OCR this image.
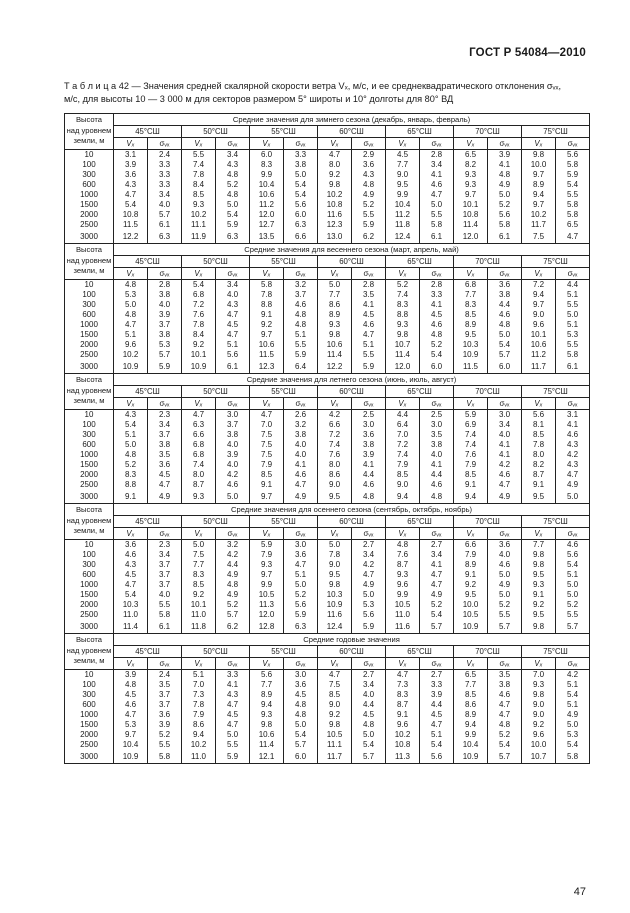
ГОСТ Р 54084—2010
Т а б л и ц а 42 — Значения средней скалярной скорости ветра Vₓ, м/с, и ее среднеквадратического отклонения σᵥₓ,
м/с, для высоты 10 — 3 000 м для секторов размером 5° широты и 10° долготы для 80° ВД
Высота
над уровнем
земли, м	Средние значения для зимнего сезона (декабрь, январь, февраль)													
	45°СШ		50°СШ		55°СШ		60°СШ		65°СШ		70°СШ		75°СШ	
	Vₓ	σᵥₓ	Vₓ	σᵥₓ	Vₓ	σᵥₓ	Vₓ	σᵥₓ	Vₓ	σᵥₓ	Vₓ	σᵥₓ	Vₓ	σᵥₓ
10	3.1	2.4	5.5	3.4	6.0	3.3	4.7	2.9	4.5	2.8	6.5	3.9	9.8	5.6
100	3.9	3.3	7.4	4.3	8.3	3.8	8.0	3.6	7.7	3.4	8.2	4.1	10.0	5.8
300	3.6	3.3	7.8	4.8	9.9	5.0	9.2	4.3	9.0	4.1	9.3	4.8	9.7	5.9
600	4.3	3.3	8.4	5.2	10.4	5.4	9.8	4.8	9.5	4.6	9.3	4.9	8.9	5.4
1000	4.7	3.4	8.5	4.8	10.6	5.4	10.2	4.9	9.9	4.7	9.7	5.0	9.4	5.5
1500	5.4	4.0	9.3	5.0	11.2	5.6	10.8	5.2	10.4	5.0	10.1	5.2	9.7	5.8
2000	10.8	5.7	10.2	5.4	12.0	6.0	11.6	5.5	11.2	5.5	10.8	5.6	10.2	5.8
2500	11.5	6.1	11.1	5.9	12.7	6.3	12.3	5.9	11.8	5.8	11.4	5.8	11.7	6.5
3000	12.2	6.3	11.9	6.3	13.5	6.6	13.0	6.2	12.4	6.1	12.0	6.1	7.5	4.7

Высота
над уровнем
земли, м	Средние значения для весеннего сезона (март, апрель, май)													
	45°СШ		50°СШ		55°СШ		60°СШ		65°СШ		70°СШ		75°СШ	
	Vₓ	σᵥₓ	Vₓ	σᵥₓ	Vₓ	σᵥₓ	Vₓ	σᵥₓ	Vₓ	σᵥₓ	Vₓ	σᵥₓ	Vₓ	σᵥₓ
10	4.8	2.8	5.4	3.4	5.8	3.2	5.0	2.8	5.2	2.8	6.8	3.6	7.2	4.4
100	5.3	3.8	6.8	4.0	7.8	3.7	7.7	3.5	7.4	3.3	7.7	3.8	9.4	5.1
300	5.0	4.0	7.2	4.3	8.8	4.6	8.6	4.1	8.3	4.1	8.3	4.4	9.7	5.5
600	4.8	3.9	7.6	4.7	9.1	4.8	8.9	4.5	8.8	4.5	8.5	4.6	9.0	5.0
1000	4.7	3.7	7.8	4.5	9.2	4.8	9.3	4.6	9.3	4.6	8.9	4.8	9.6	5.1
1500	5.1	3.8	8.4	4.7	9.7	5.1	9.8	4.7	9.8	4.8	9.5	5.0	10.1	5.3
2000	9.6	5.3	9.2	5.1	10.6	5.5	10.6	5.1	10.7	5.2	10.3	5.4	10.6	5.5
2500	10.2	5.7	10.1	5.6	11.5	5.9	11.4	5.5	11.4	5.4	10.9	5.7	11.2	5.8
3000	10.9	5.9	10.9	6.1	12.3	6.4	12.2	5.9	12.0	6.0	11.5	6.0	11.7	6.1

Высота
над уровнем
земли, м	Средние значения для летнего сезона (июнь, июль, август)													
	45°СШ		50°СШ		55°СШ		60°СШ		65°СШ		70°СШ		75°СШ	
	Vₓ	σᵥₓ	Vₓ	σᵥₓ	Vₓ	σᵥₓ	Vₓ	σᵥₓ	Vₓ	σᵥₓ	Vₓ	σᵥₓ	Vₓ	σᵥₓ
10	4.3	2.3	4.7	3.0	4.7	2.6	4.2	2.5	4.4	2.5	5.9	3.0	5.6	3.1
100	5.4	3.4	6.3	3.7	7.0	3.2	6.6	3.0	6.4	3.0	6.9	3.4	8.1	4.1
300	5.1	3.7	6.6	3.8	7.5	3.8	7.2	3.6	7.0	3.5	7.4	4.0	8.5	4.6
600	5.0	3.8	6.8	4.0	7.5	4.0	7.4	3.8	7.2	3.8	7.4	4.1	7.8	4.3
1000	4.8	3.5	6.8	3.9	7.5	4.0	7.6	3.9	7.4	4.0	7.6	4.1	8.0	4.2
1500	5.2	3.6	7.4	4.0	7.9	4.1	8.0	4.1	7.9	4.1	7.9	4.2	8.2	4.3
2000	8.3	4.5	8.0	4.2	8.5	4.6	8.6	4.4	8.5	4.4	8.5	4.6	8.7	4.7
2500	8.8	4.7	8.7	4.6	9.1	4.7	9.0	4.6	9.0	4.6	9.1	4.7	9.1	4.9
3000	9.1	4.9	9.3	5.0	9.7	4.9	9.5	4.8	9.4	4.8	9.4	4.9	9.5	5.0

Высота
над уровнем
земли, м	Средние значения для осеннего сезона (сентябрь, октябрь, ноябрь)													
	45°СШ		50°СШ		55°СШ		60°СШ		65°СШ		70°СШ		75°СШ	
	Vₓ	σᵥₓ	Vₓ	σᵥₓ	Vₓ	σᵥₓ	Vₓ	σᵥₓ	Vₓ	σᵥₓ	Vₓ	σᵥₓ	Vₓ	σᵥₓ
10	3.6	2.3	5.0	3.2	5.9	3.0	5.0	2.7	4.8	2.7	6.6	3.6	7.7	4.6
100	4.6	3.4	7.5	4.2	7.9	3.6	7.8	3.4	7.6	3.4	7.9	4.0	9.8	5.6
300	4.3	3.7	7.7	4.4	9.3	4.7	9.0	4.2	8.7	4.1	8.9	4.6	9.8	5.4
600	4.5	3.7	8.3	4.9	9.7	5.1	9.5	4.7	9.3	4.7	9.1	5.0	9.5	5.1
1000	4.7	3.7	8.5	4.8	9.9	5.0	9.8	4.9	9.6	4.7	9.2	4.9	9.3	5.0
1500	5.4	4.0	9.2	4.9	10.5	5.2	10.3	5.0	9.9	4.9	9.5	5.0	9.1	5.0
2000	10.3	5.5	10.1	5.2	11.3	5.6	10.9	5.3	10.5	5.2	10.0	5.2	9.2	5.2
2500	11.0	5.8	11.0	5.7	12.0	5.9	11.6	5.6	11.0	5.4	10.5	5.5	9.5	5.5
3000	11.4	6.1	11.8	6.2	12.8	6.3	12.4	5.9	11.6	5.7	10.9	5.7	9.8	5.7

Высота
над уровнем
земли, м	Средние годовые значения													
	45°СШ		50°СШ		55°СШ		60°СШ		65°СШ		70°СШ		75°СШ	
	Vₓ	σᵥₓ	Vₓ	σᵥₓ	Vₓ	σᵥₓ	Vₓ	σᵥₓ	Vₓ	σᵥₓ	Vₓ	σᵥₓ	Vₓ	σᵥₓ
10	3.9	2.4	5.1	3.3	5.6	3.0	4.7	2.7	4.7	2.7	6.5	3.5	7.0	4.2
100	4.8	3.5	7.0	4.1	7.7	3.6	7.5	3.4	7.3	3.3	7.7	3.8	9.3	5.1
300	4.5	3.7	7.3	4.3	8.9	4.5	8.5	4.0	8.3	3.9	8.5	4.6	9.8	5.4
600	4.6	3.7	7.8	4.7	9.4	4.8	9.0	4.4	8.7	4.4	8.6	4.7	9.0	5.1
1000	4.7	3.6	7.9	4.5	9.3	4.8	9.2	4.5	9.1	4.5	8.9	4.7	9.0	4.9
1500	5.3	3.9	8.6	4.7	9.8	5.0	9.8	4.8	9.6	4.7	9.4	4.8	9.2	5.0
2000	9.7	5.2	9.4	5.0	10.6	5.4	10.5	5.0	10.2	5.1	9.9	5.2	9.6	5.3
2500	10.4	5.5	10.2	5.5	11.4	5.7	11.1	5.4	10.8	5.4	10.4	5.4	10.0	5.4
3000	10.9	5.8	11.0	5.9	12.1	6.0	11.7	5.7	11.3	5.6	10.9	5.7	10.7	5.8
47
